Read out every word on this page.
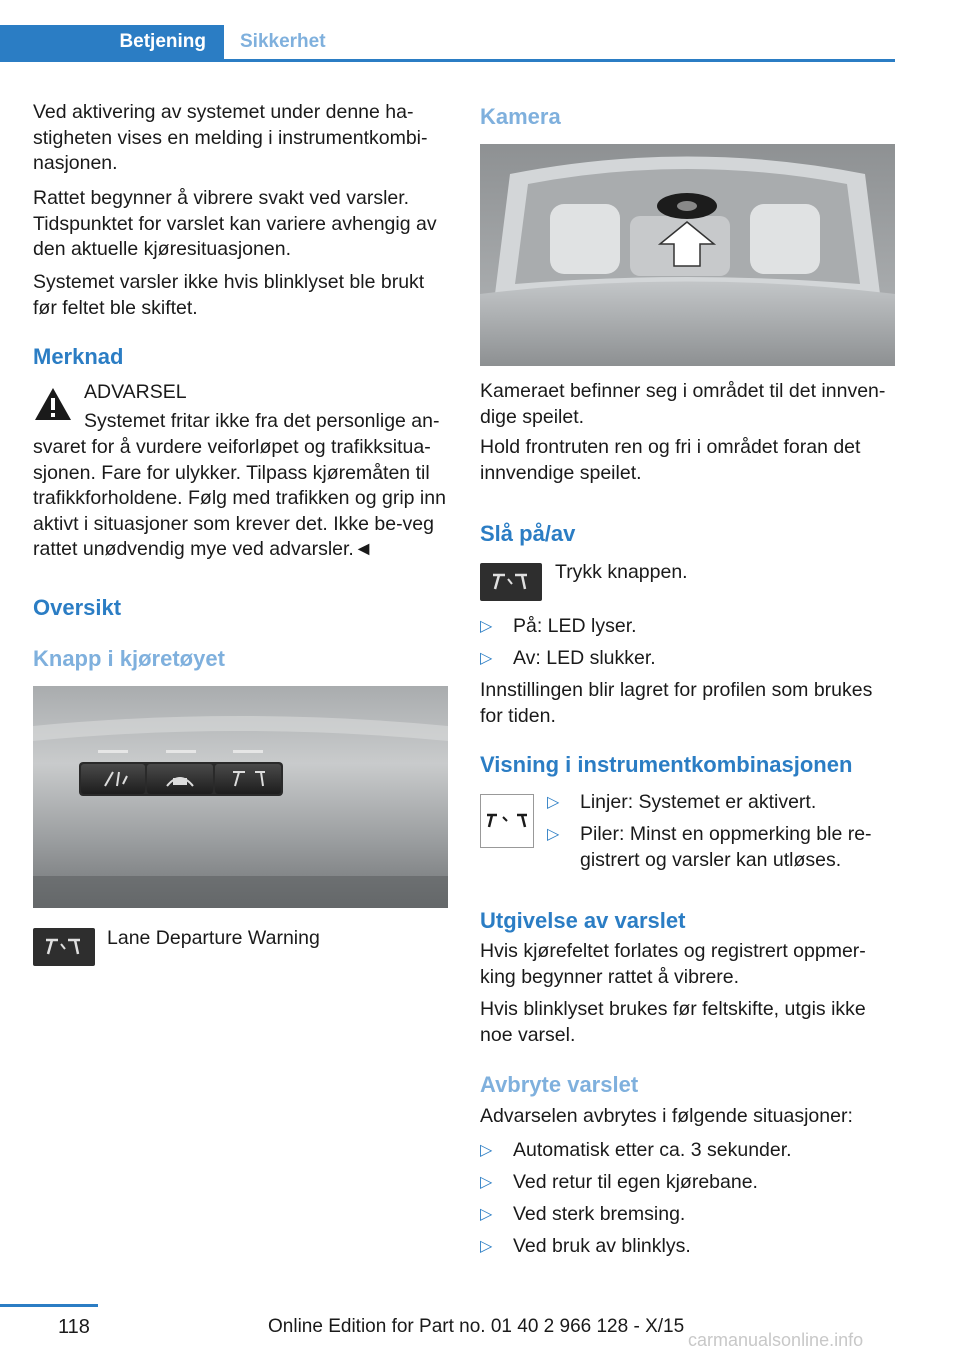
Betjening	Sikkerhet

Ved aktivering av systemet under denne ha-stigheten vises en melding i instrumentkombi-nasjonen.

Rattet begynner å vibrere svakt ved varsler. Tidspunktet for varslet kan variere avhengig av den aktuelle kjøresituasjonen.

Systemet varsler ikke hvis blinklyset ble brukt før feltet ble skiftet.

Merknad

ADVARSEL

Systemet fritar ikke fra det personlige an-

svaret for å vurdere veiforløpet og trafikksitua-sjonen. Fare for ulykker. Tilpass kjøremåten til trafikkforholdene. Følg med trafikken og grip inn aktivt i situasjoner som krever det. Ikke be-veg rattet unødvendig mye ved advarsler.◄

Oversikt
Knapp i kjøretøyet

Lane Departure Warning

Kamera

Kameraet befinner seg i området til det innven-dige speilet.

Hold frontruten ren og fri i området foran det innvendige speilet.

Slå på/av

Trykk knappen.

▷ På: LED lyser.
▷ Av: LED slukker.

Innstillingen blir lagret for profilen som brukes for tiden.

Visning i instrumentkombinasjonen
▷ Linjer: Systemet er aktivert.
▷ Piler: Minst en oppmerking ble re-gistrert og varsler kan utløses.
Utgivelse av varslet

Hvis kjørefeltet forlates og registrert oppmer-king begynner rattet å vibrere.

Hvis blinklyset brukes før feltskifte, utgis ikke noe varsel.

Avbryte varslet

Advarselen avbrytes i følgende situasjoner:

▷ Automatisk etter ca. 3 sekunder.
▷ Ved retur til egen kjørebane.
▷ Ved sterk bremsing.
▷ Ved bruk av blinklys.
118	Online Edition for Part no. 01 40 2 966 128 - X/15
carmanualsonline.info
